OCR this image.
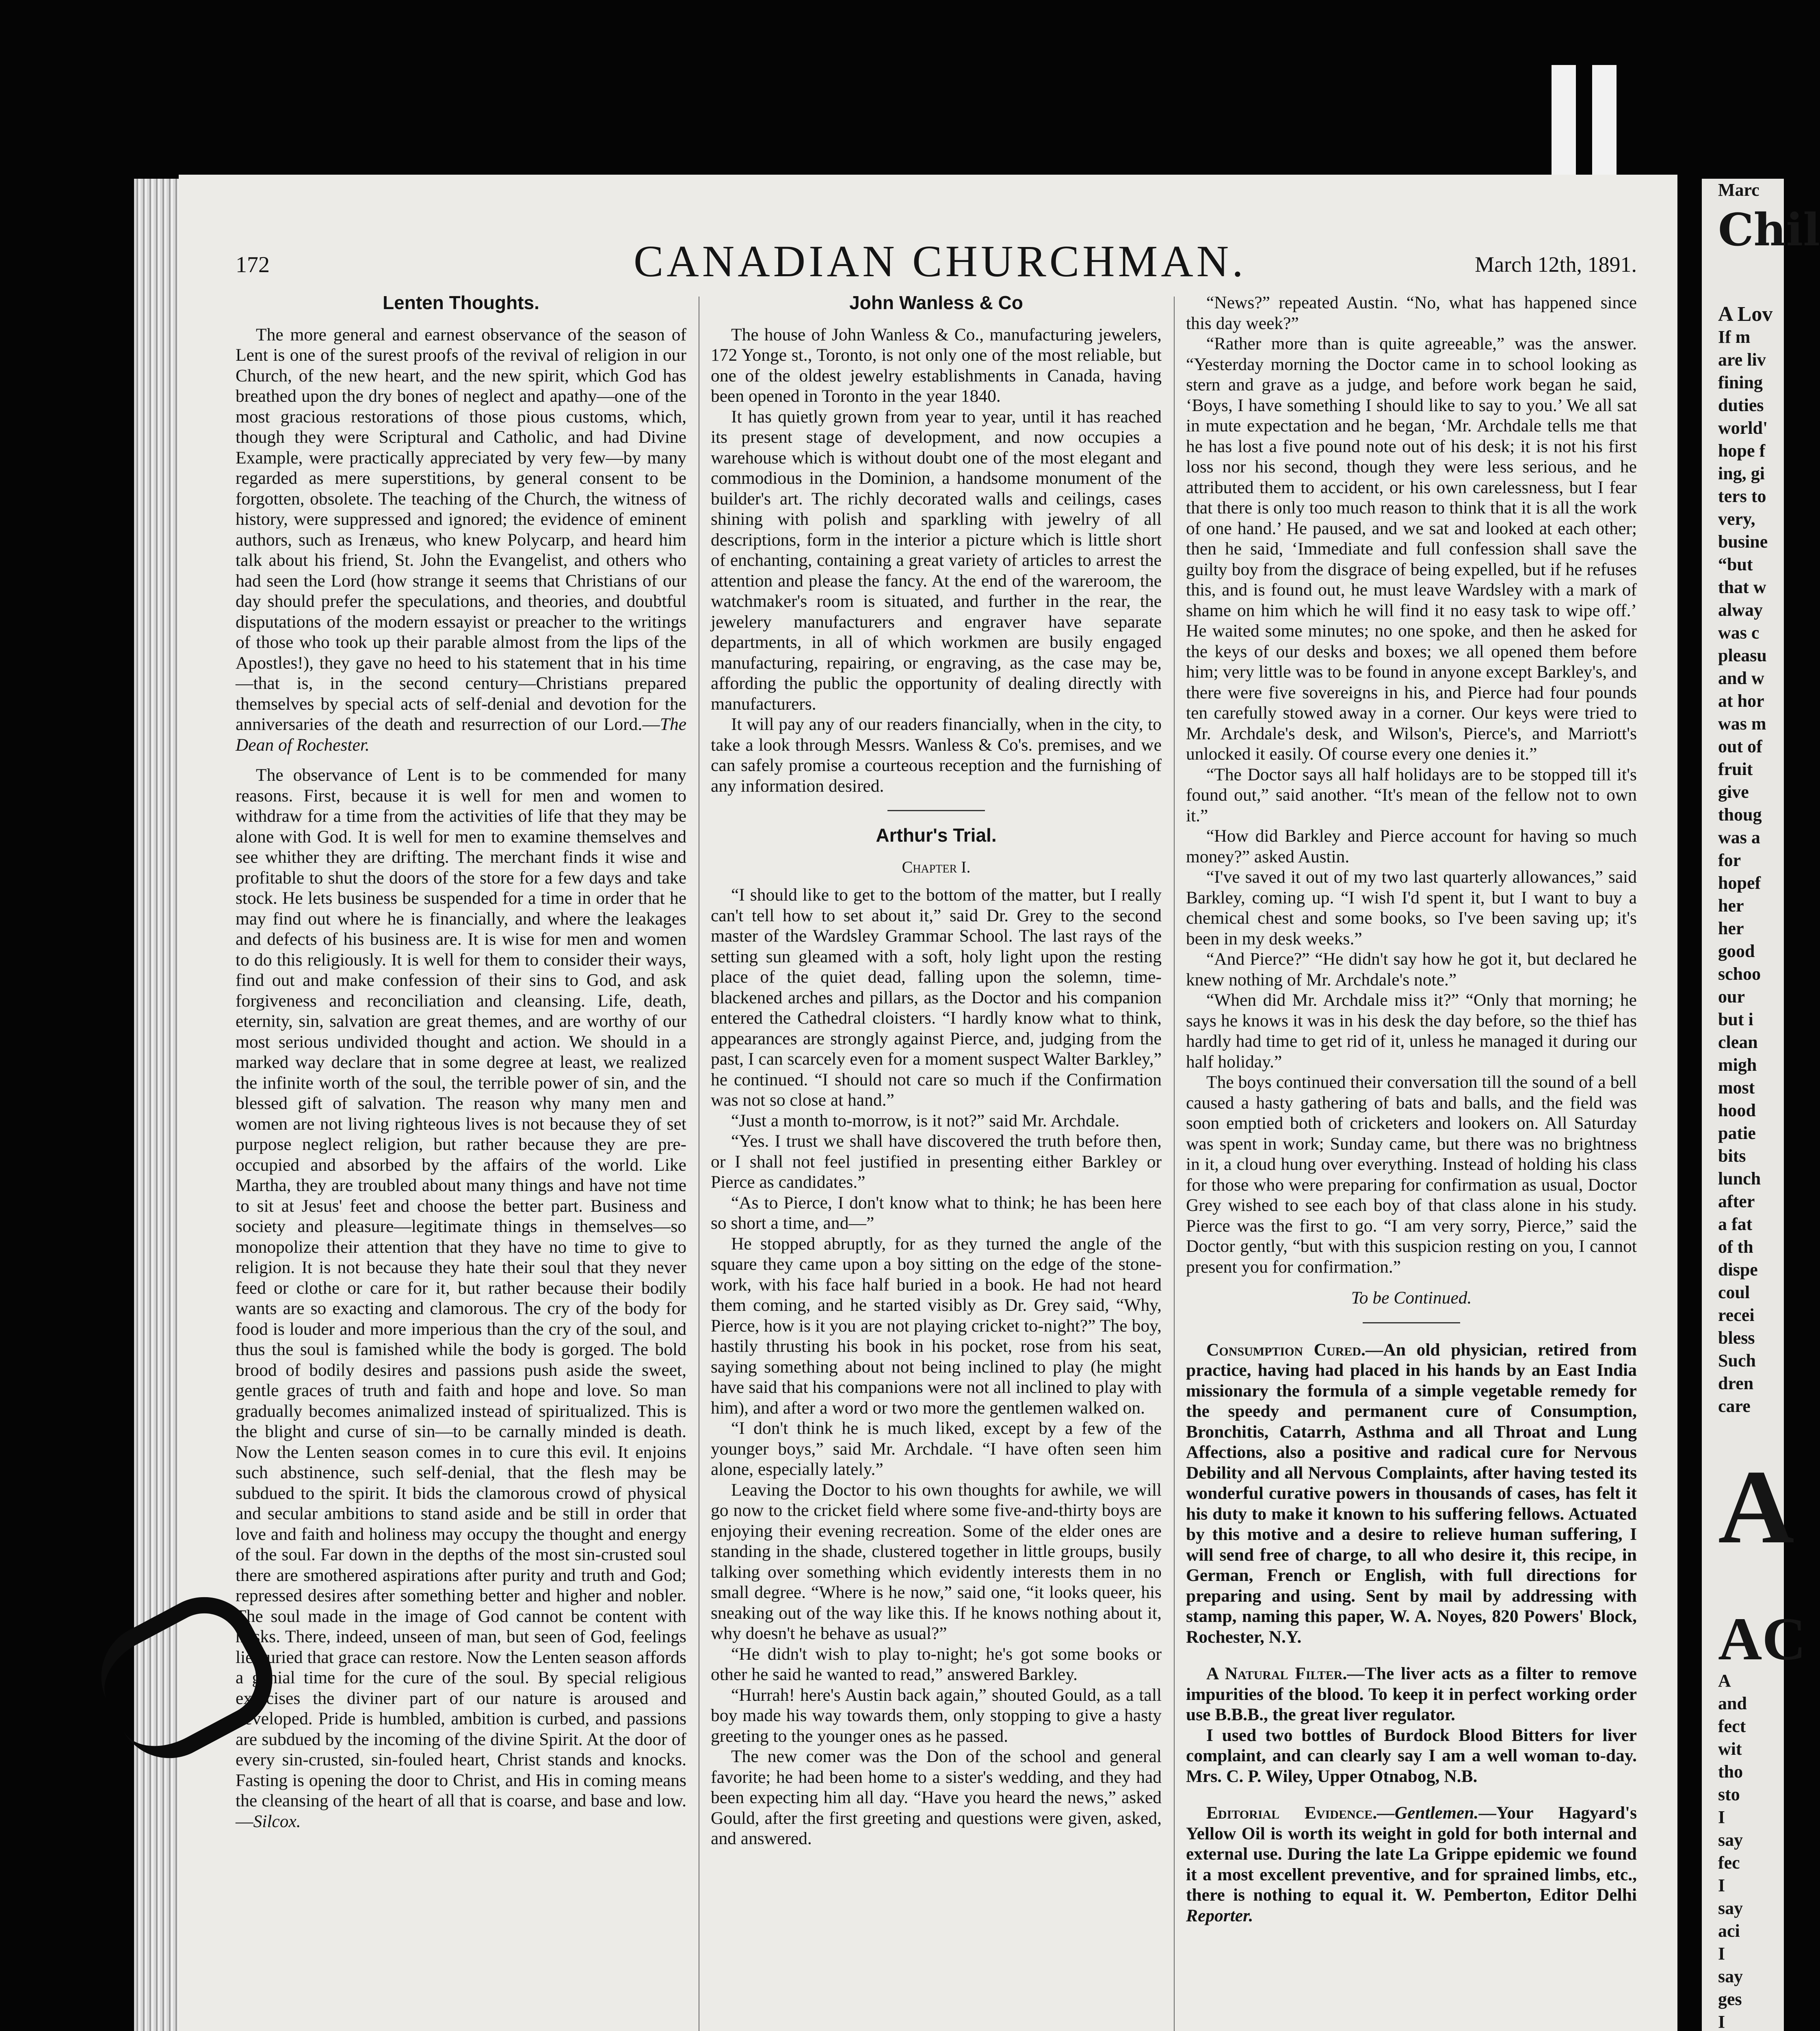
Marc
Chil
A Lov
If m
are liv
fining
duties
world'
hope f
ing, gi
ters to
very,
busine
“but
that w
alway
was c
pleasu
and w
at hor
was m
out of
fruit
give
thoug
was a
for
hopef
her
her
good
schoo
our
but i
clean
migh
most
hood
patie
bits
lunch
after
a fat
of th
dispe
coul
recei
bless
Such
dren
care
A
AC
A
and
fect
wit
tho
sto
I
say
fec
I
say
aci
I
say
ges
I
172	CANADIAN CHURCHMAN.	March 12th, 1891.
Lenten Thoughts.

The more general and earnest observance of the season of Lent is one of the surest proofs of the revival of religion in our Church, of the new heart, and the new spirit, which God has breathed upon the dry bones of neglect and apathy—one of the most gracious restorations of those pious customs, which, though they were Scriptural and Catholic, and had Divine Example, were practically appreciated by very few—by many regarded as mere superstitions, by general consent to be forgotten, obsolete. The teaching of the Church, the witness of history, were suppressed and ignored; the evidence of eminent authors, such as Irenæus, who knew Polycarp, and heard him talk about his friend, St. John the Evangelist, and others who had seen the Lord (how strange it seems that Christians of our day should prefer the speculations, and theories, and doubtful disputations of the modern essayist or preacher to the writings of those who took up their parable almost from the lips of the Apostles!), they gave no heed to his statement that in his time—that is, in the second century—Christians prepared themselves by special acts of self-denial and devotion for the anniversaries of the death and resurrection of our Lord.—The Dean of Rochester.

The observance of Lent is to be commended for many reasons. First, because it is well for men and women to withdraw for a time from the activities of life that they may be alone with God. It is well for men to examine themselves and see whither they are drifting. The merchant finds it wise and profitable to shut the doors of the store for a few days and take stock. He lets business be suspended for a time in order that he may find out where he is financially, and where the leakages and defects of his business are. It is wise for men and women to do this religiously. It is well for them to consider their ways, find out and make confession of their sins to God, and ask forgiveness and reconciliation and cleansing. Life, death, eternity, sin, salvation are great themes, and are worthy of our most serious undivided thought and action. We should in a marked way declare that in some degree at least, we realized the infinite worth of the soul, the terrible power of sin, and the blessed gift of salvation. The reason why many men and women are not living righteous lives is not because they of set purpose neglect religion, but rather because they are pre-occupied and absorbed by the affairs of the world. Like Martha, they are troubled about many things and have not time to sit at Jesus' feet and choose the better part. Business and society and pleasure—legitimate things in themselves—so monopolize their attention that they have no time to give to religion. It is not because they hate their soul that they never feed or clothe or care for it, but rather because their bodily wants are so exacting and clamorous. The cry of the body for food is louder and more imperious than the cry of the soul, and thus the soul is famished while the body is gorged. The bold brood of bodily desires and passions push aside the sweet, gentle graces of truth and faith and hope and love. So man gradually becomes animalized instead of spiritualized. This is the blight and curse of sin—to be carnally minded is death. Now the Lenten season comes in to cure this evil. It enjoins such abstinence, such self-denial, that the flesh may be subdued to the spirit. It bids the clamorous crowd of physical and secular ambitions to stand aside and be still in order that love and faith and holiness may occupy the thought and energy of the soul. Far down in the depths of the most sin-crusted soul there are smothered aspirations after purity and truth and God; repressed desires after something better and higher and nobler. The soul made in the image of God cannot be content with husks. There, indeed, unseen of man, but seen of God, feelings lie buried that grace can restore. Now the Lenten season affords a genial time for the cure of the soul. By special religious exercises the diviner part of our nature is aroused and developed. Pride is humbled, ambition is curbed, and passions are subdued by the incoming of the divine Spirit. At the door of every sin-crusted, sin-fouled heart, Christ stands and knocks. Fasting is opening the door to Christ, and His in coming means the cleansing of the heart of all that is coarse, and base and low.—Silcox.

John Wanless & Co

The house of John Wanless & Co., manufacturing jewelers, 172 Yonge st., Toronto, is not only one of the most reliable, but one of the oldest jewelry establishments in Canada, having been opened in Toronto in the year 1840.

It has quietly grown from year to year, until it has reached its present stage of development, and now occupies a warehouse which is without doubt one of the most elegant and commodious in the Dominion, a handsome monument of the builder's art. The richly decorated walls and ceilings, cases shining with polish and sparkling with jewelry of all descriptions, form in the interior a picture which is little short of enchanting, containing a great variety of articles to arrest the attention and please the fancy. At the end of the wareroom, the watchmaker's room is situated, and further in the rear, the jewelery manufacturers and engraver have separate departments, in all of which workmen are busily engaged manufacturing, repairing, or engraving, as the case may be, affording the public the opportunity of dealing directly with manufacturers.

It will pay any of our readers financially, when in the city, to take a look through Messrs. Wanless & Co's. premises, and we can safely promise a courteous reception and the furnishing of any information desired.

Arthur's Trial.
Chapter I.

“I should like to get to the bottom of the matter, but I really can't tell how to set about it,” said Dr. Grey to the second master of the Wardsley Grammar School. The last rays of the setting sun gleamed with a soft, holy light upon the resting place of the quiet dead, falling upon the solemn, time-blackened arches and pillars, as the Doctor and his companion entered the Cathedral cloisters. “I hardly know what to think, appearances are strongly against Pierce, and, judging from the past, I can scarcely even for a moment suspect Walter Barkley,” he continued. “I should not care so much if the Confirmation was not so close at hand.”

“Just a month to-morrow, is it not?” said Mr. Archdale.

“Yes. I trust we shall have discovered the truth before then, or I shall not feel justified in presenting either Barkley or Pierce as candidates.”

“As to Pierce, I don't know what to think; he has been here so short a time, and—”

He stopped abruptly, for as they turned the angle of the square they came upon a boy sitting on the edge of the stone-work, with his face half buried in a book. He had not heard them coming, and he started visibly as Dr. Grey said, “Why, Pierce, how is it you are not playing cricket to-night?” The boy, hastily thrusting his book in his pocket, rose from his seat, saying something about not being inclined to play (he might have said that his companions were not all inclined to play with him), and after a word or two more the gentlemen walked on.

“I don't think he is much liked, except by a few of the younger boys,” said Mr. Archdale. “I have often seen him alone, especially lately.”

Leaving the Doctor to his own thoughts for awhile, we will go now to the cricket field where some five-and-thirty boys are enjoying their evening recreation. Some of the elder ones are standing in the shade, clustered together in little groups, busily talking over something which evidently interests them in no small degree. “Where is he now,” said one, “it looks queer, his sneaking out of the way like this. If he knows nothing about it, why doesn't he behave as usual?”

“He didn't wish to play to-night; he's got some books or other he said he wanted to read,” answered Barkley.

“Hurrah! here's Austin back again,” shouted Gould, as a tall boy made his way towards them, only stopping to give a hasty greeting to the younger ones as he passed.

The new comer was the Don of the school and general favorite; he had been home to a sister's wedding, and they had been expecting him all day. “Have you heard the news,” asked Gould, after the first greeting and questions were given, asked, and answered.

“News?” repeated Austin. “No, what has happened since this day week?”

“Rather more than is quite agreeable,” was the answer. “Yesterday morning the Doctor came in to school looking as stern and grave as a judge, and before work began he said, ‘Boys, I have something I should like to say to you.’ We all sat in mute expectation and he began, ‘Mr. Archdale tells me that he has lost a five pound note out of his desk; it is not his first loss nor his second, though they were less serious, and he attributed them to accident, or his own carelessness, but I fear that there is only too much reason to think that it is all the work of one hand.’ He paused, and we sat and looked at each other; then he said, ‘Immediate and full confession shall save the guilty boy from the disgrace of being expelled, but if he refuses this, and is found out, he must leave Wardsley with a mark of shame on him which he will find it no easy task to wipe off.’ He waited some minutes; no one spoke, and then he asked for the keys of our desks and boxes; we all opened them before him; very little was to be found in anyone except Barkley's, and there were five sovereigns in his, and Pierce had four pounds ten carefully stowed away in a corner. Our keys were tried to Mr. Archdale's desk, and Wilson's, Pierce's, and Marriott's unlocked it easily. Of course every one denies it.”

“The Doctor says all half holidays are to be stopped till it's found out,” said another. “It's mean of the fellow not to own it.”

“How did Barkley and Pierce account for having so much money?” asked Austin.

“I've saved it out of my two last quarterly allowances,” said Barkley, coming up. “I wish I'd spent it, but I want to buy a chemical chest and some books, so I've been saving up; it's been in my desk weeks.”

“And Pierce?” “He didn't say how he got it, but declared he knew nothing of Mr. Archdale's note.”

“When did Mr. Archdale miss it?” “Only that morning; he says he knows it was in his desk the day before, so the thief has hardly had time to get rid of it, unless he managed it during our half holiday.”

The boys continued their conversation till the sound of a bell caused a hasty gathering of bats and balls, and the field was soon emptied both of cricketers and lookers on. All Saturday was spent in work; Sunday came, but there was no brightness in it, a cloud hung over everything. Instead of holding his class for those who were preparing for confirmation as usual, Doctor Grey wished to see each boy of that class alone in his study. Pierce was the first to go. “I am very sorry, Pierce,” said the Doctor gently, “but with this suspicion resting on you, I cannot present you for confirmation.”

To be Continued.

Consumption Cured.—An old physician, retired from practice, having had placed in his hands by an East India missionary the formula of a simple vegetable remedy for the speedy and permanent cure of Consumption, Bronchitis, Catarrh, Asthma and all Throat and Lung Affections, also a positive and radical cure for Nervous Debility and all Nervous Complaints, after having tested its wonderful curative powers in thousands of cases, has felt it his duty to make it known to his suffering fellows. Actuated by this motive and a desire to relieve human suffering, I will send free of charge, to all who desire it, this recipe, in German, French or English, with full directions for preparing and using. Sent by mail by addressing with stamp, naming this paper, W. A. Noyes, 820 Powers' Block, Rochester, N.Y.

A Natural Filter.—The liver acts as a filter to remove impurities of the blood. To keep it in perfect working order use B.B.B., the great liver regulator.

I used two bottles of Burdock Blood Bitters for liver complaint, and can clearly say I am a well woman to-day. Mrs. C. P. Wiley, Upper Otnabog, N.B.

Editorial Evidence.—Gentlemen.—Your Hagyard's Yellow Oil is worth its weight in gold for both internal and external use. During the late La Grippe epidemic we found it a most excellent preventive, and for sprained limbs, etc., there is nothing to equal it. W. Pemberton, Editor Delhi Reporter.
